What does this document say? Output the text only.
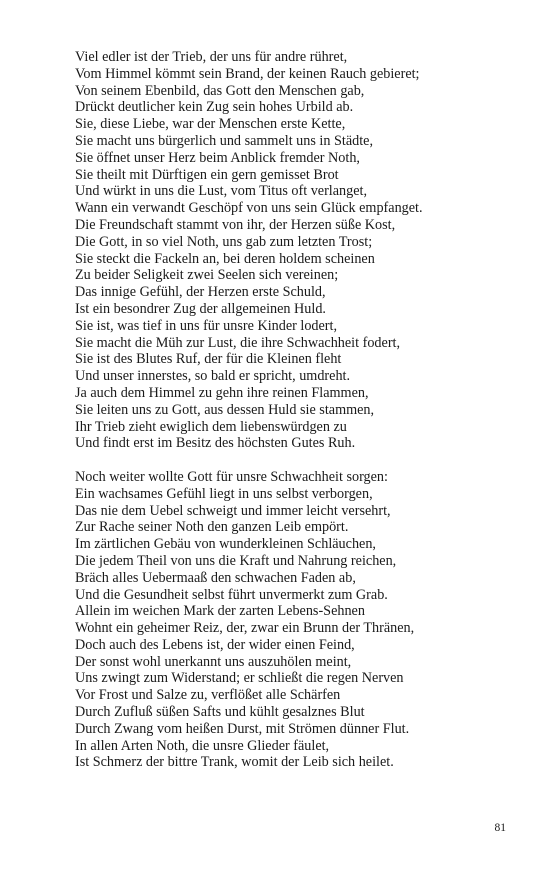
Viel edler ist der Trieb, der uns für andre rühret,
Vom Himmel kömmt sein Brand, der keinen Rauch gebieret;
Von seinem Ebenbild, das Gott den Menschen gab,
Drückt deutlicher kein Zug sein hohes Urbild ab.
Sie, diese Liebe, war der Menschen erste Kette,
Sie macht uns bürgerlich und sammelt uns in Städte,
Sie öffnet unser Herz beim Anblick fremder Noth,
Sie theilt mit Dürftigen ein gern gemisset Brot
Und würkt in uns die Lust, vom Titus oft verlanget,
Wann ein verwandt Geschöpf von uns sein Glück empfanget.
Die Freundschaft stammt von ihr, der Herzen süße Kost,
Die Gott, in so viel Noth, uns gab zum letzten Trost;
Sie steckt die Fackeln an, bei deren holdem scheinen
Zu beider Seligkeit zwei Seelen sich vereinen;
Das innige Gefühl, der Herzen erste Schuld,
Ist ein besondrer Zug der allgemeinen Huld.
Sie ist, was tief in uns für unsre Kinder lodert,
Sie macht die Müh zur Lust, die ihre Schwachheit fodert,
Sie ist des Blutes Ruf, der für die Kleinen fleht
Und unser innerstes, so bald er spricht, umdreht.
Ja auch dem Himmel zu gehn ihre reinen Flammen,
Sie leiten uns zu Gott, aus dessen Huld sie stammen,
Ihr Trieb zieht ewiglich dem liebenswürdgen zu
Und findt erst im Besitz des höchsten Gutes Ruh.
Noch weiter wollte Gott für unsre Schwachheit sorgen:
Ein wachsames Gefühl liegt in uns selbst verborgen,
Das nie dem Uebel schweigt und immer leicht versehrt,
Zur Rache seiner Noth den ganzen Leib empört.
Im zärtlichen Gebäu von wunderkleinen Schläuchen,
Die jedem Theil von uns die Kraft und Nahrung reichen,
Bräch alles Uebermaaß den schwachen Faden ab,
Und die Gesundheit selbst führt unvermerkt zum Grab.
Allein im weichen Mark der zarten Lebens-Sehnen
Wohnt ein geheimer Reiz, der, zwar ein Brunn der Thränen,
Doch auch des Lebens ist, der wider einen Feind,
Der sonst wohl unerkannt uns auszuhölen meint,
Uns zwingt zum Widerstand; er schließt die regen Nerven
Vor Frost und Salze zu, verflößet alle Schärfen
Durch Zufluß süßen Safts und kühlt gesalznes Blut
Durch Zwang vom heißen Durst, mit Strömen dünner Flut.
In allen Arten Noth, die unsre Glieder fäulet,
Ist Schmerz der bittre Trank, womit der Leib sich heilet.
81
